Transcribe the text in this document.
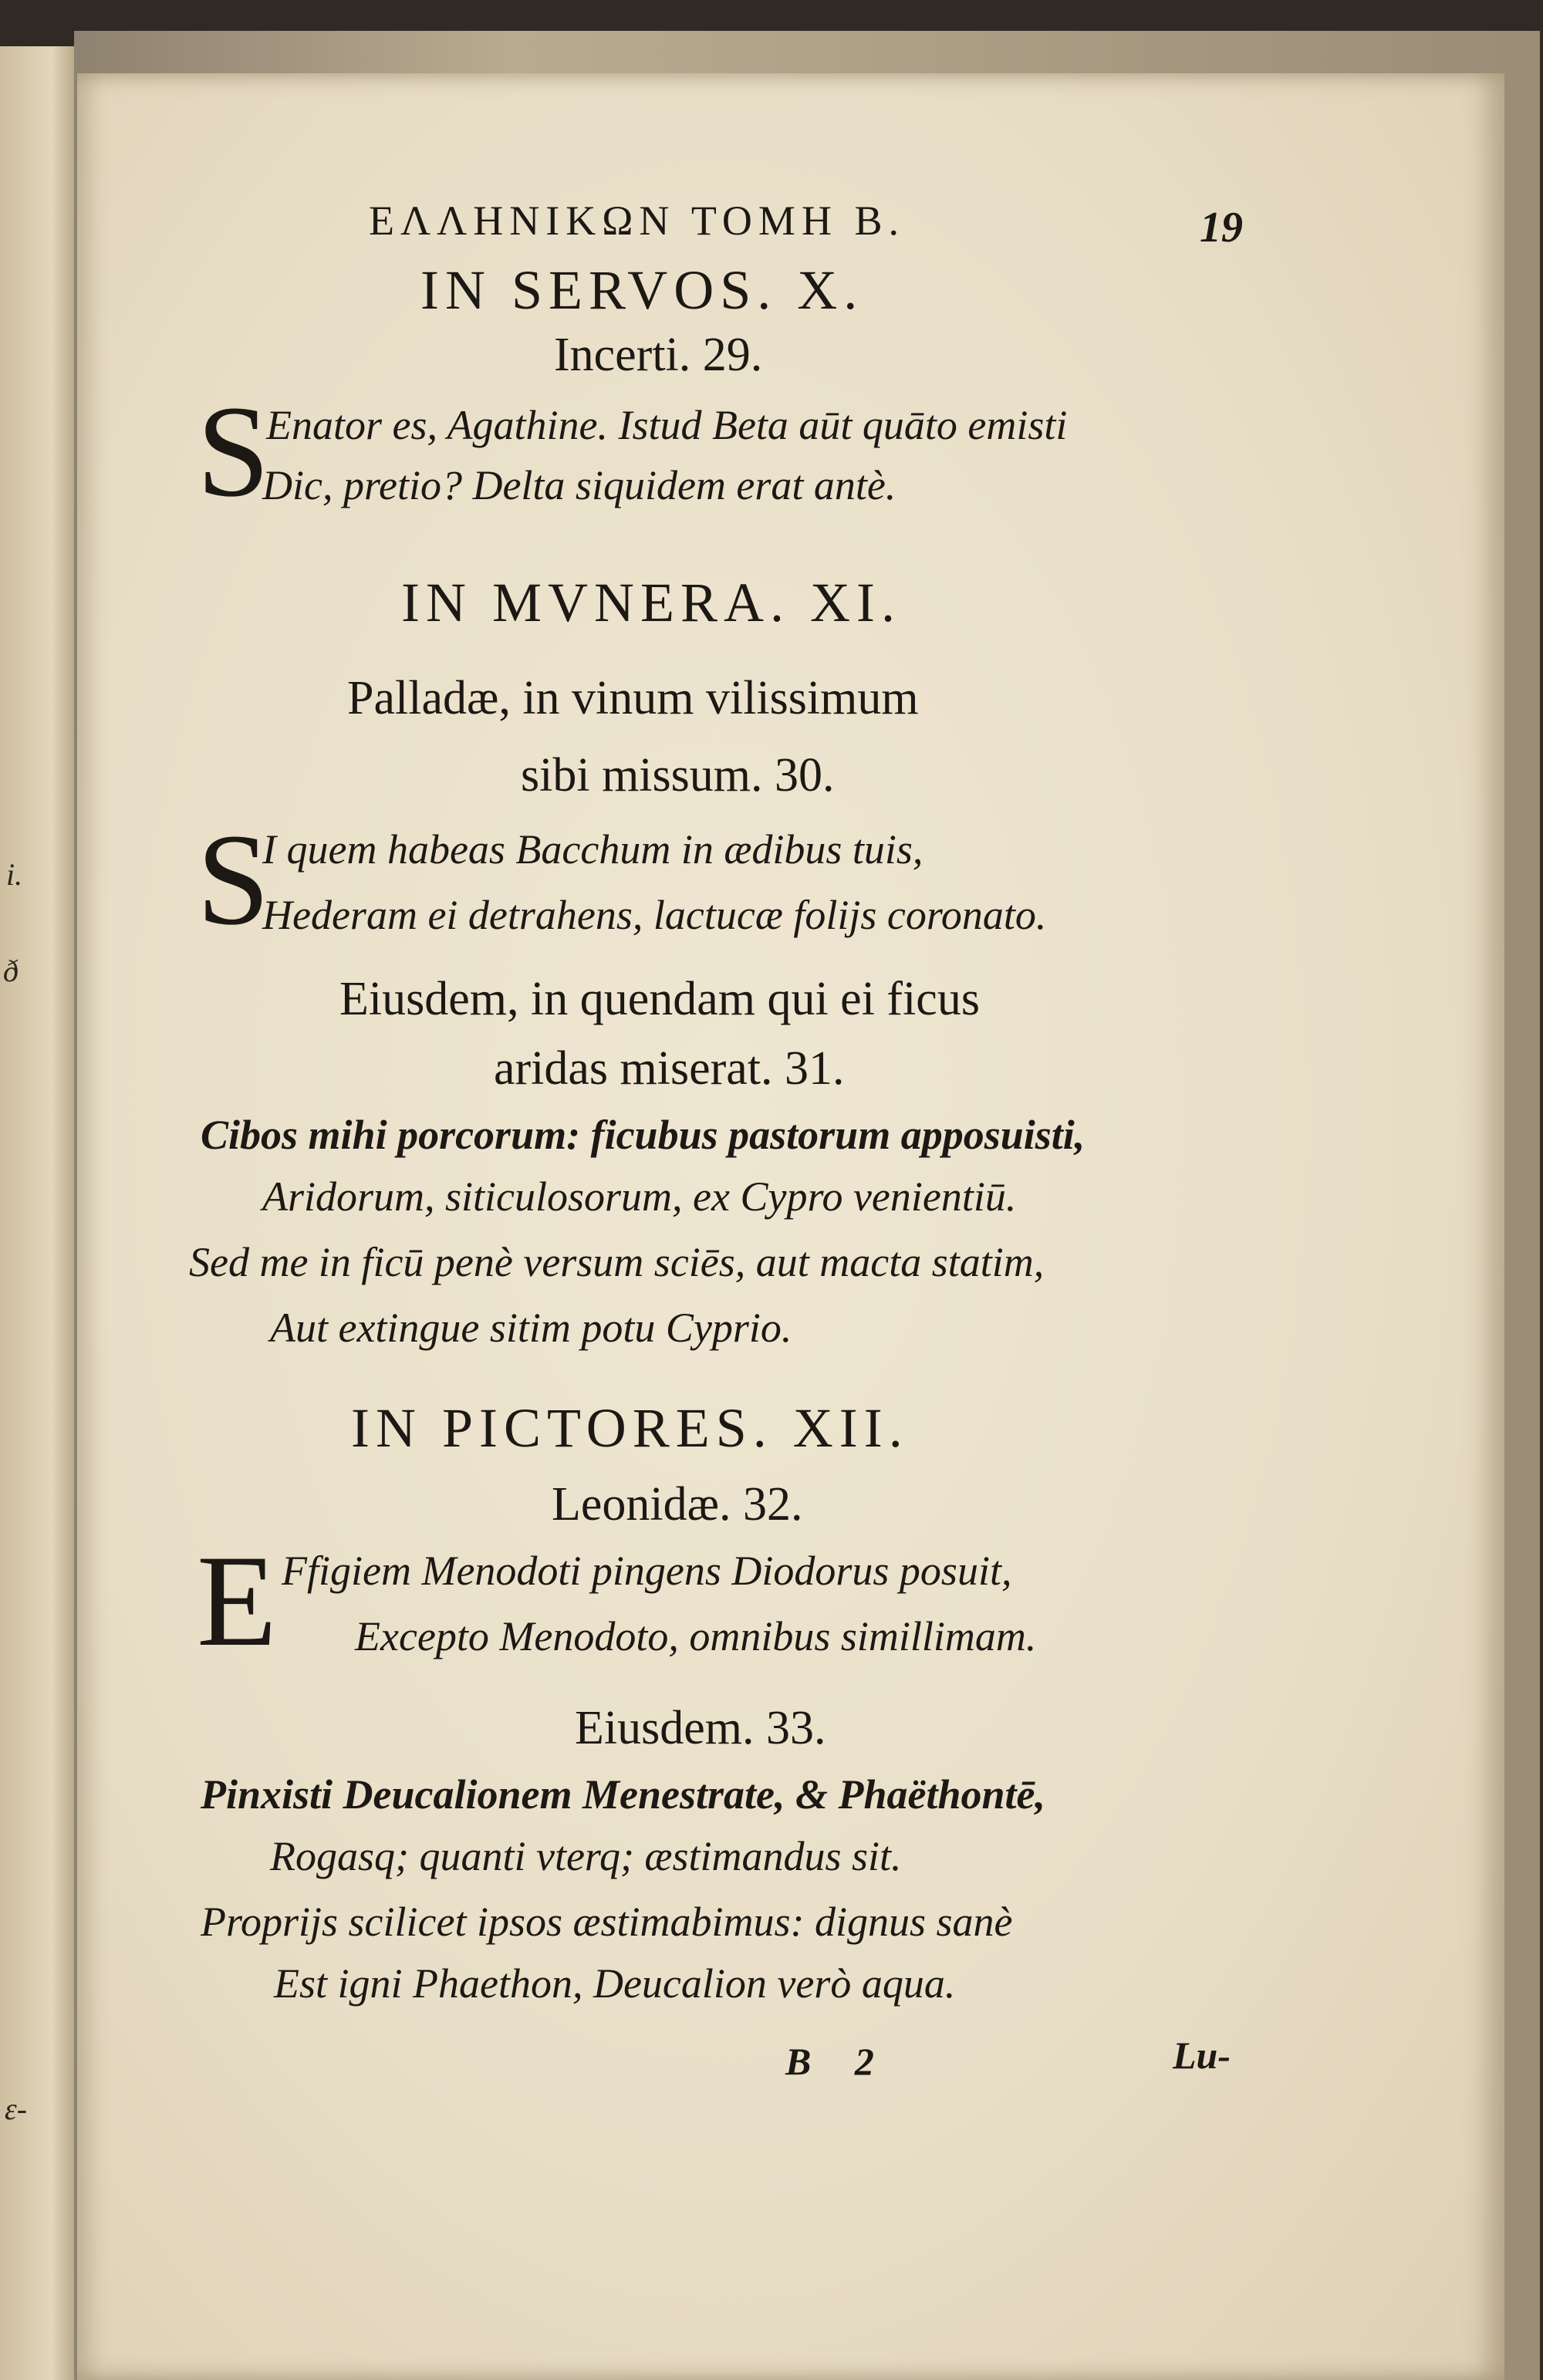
i.

ð

ɛ-

ΕΛΛΗΝΙΚΩΝ ΤΟΜΗ Β.	19

IN SERVOS. X.

Incerti. 29.

S

Enator es, Agathine. Istud Beta aūt quāto emisti

Dic, pretio? Delta siquidem erat antè.

IN MVNERA. XI.

Palladæ, in vinum vilissimum

sibi missum. 30.

S

I quem habeas Bacchum in ædibus tuis,

Hederam ei detrahens, lactucæ folijs coronato.

Eiusdem, in quendam qui ei ficus

aridas miserat. 31.

Cibos mihi porcorum: ficubus pastorum apposuisti,

Aridorum, siticulosorum, ex Cypro venientiū.

Sed me in ficū penè versum sciēs, aut macta statim,

Aut extingue sitim potu Cyprio.

IN PICTORES. XII.

Leonidæ. 32.

E Ffigiem Menodoti pingens Diodorus posuit,

Excepto Menodoto, omnibus simillimam.

Eiusdem. 33.

Pinxisti Deucalionem Menestrate, & Phaëthontē,

Rogasq; quanti vterq; æstimandus sit.

Proprijs scilicet ipsos æstimabimus: dignus sanè

Est igni Phaethon, Deucalion verò aqua.

B 2	Lu-
